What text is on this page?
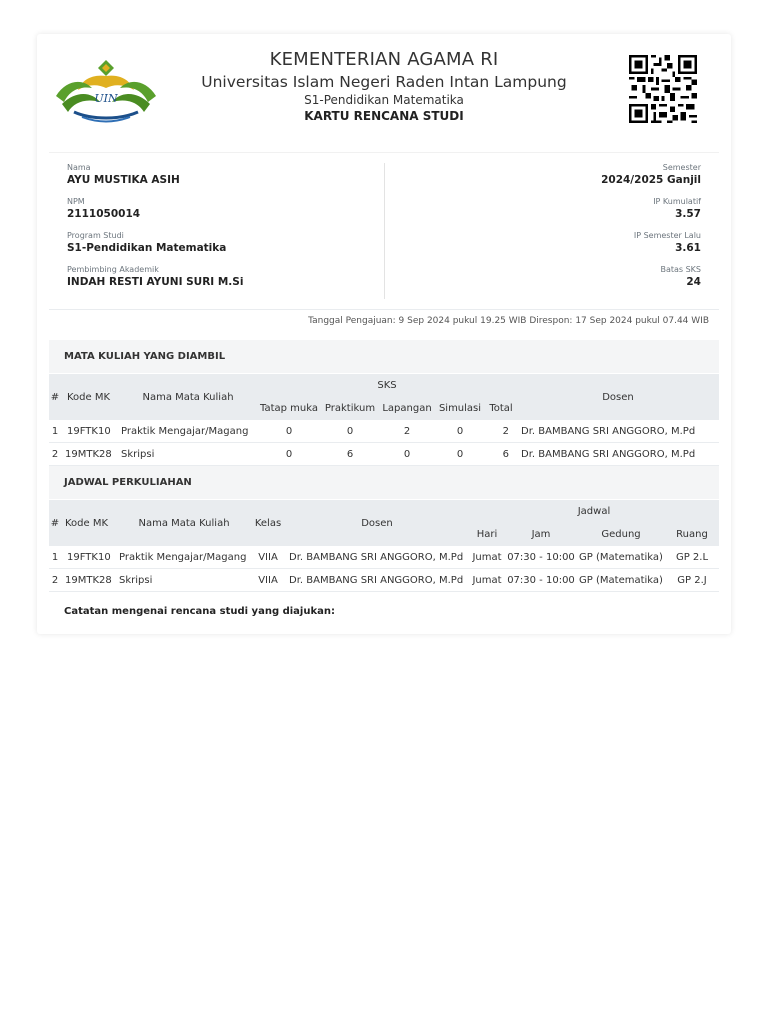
UIN
KEMENTERIAN AGAMA RI
Universitas Islam Negeri Raden Intan Lampung
S1-Pendidikan Matematika
KARTU RENCANA STUDI
Nama
AYU MUSTIKA ASIH
NPM
2111050014
Program Studi
S1-Pendidikan Matematika
Pembimbing Akademik
INDAH RESTI AYUNI SURI M.Si
Semester
2024/2025 Ganjil
IP Kumulatif
3.57
IP Semester Lalu
3.61
Batas SKS
24
Tanggal Pengajuan: 9 Sep 2024 pukul 19.25 WIB Direspon: 17 Sep 2024 pukul 07.44 WIB
MATA KULIAH YANG DIAMBIL
#	Kode MK	Nama Mata Kuliah	SKS					Dosen
			Tatap muka	Praktikum	Lapangan	Simulasi	Total	
1	19FTK10	Praktik Mengajar/Magang	0	0	2	0	2	Dr. BAMBANG SRI ANGGORO, M.Pd
2	19MTK28	Skripsi	0	6	0	0	6	Dr. BAMBANG SRI ANGGORO, M.Pd
JADWAL PERKULIAHAN
#	Kode MK	Nama Mata Kuliah	Kelas	Dosen	Jadwal			
					Hari	Jam	Gedung	Ruang
1	19FTK10	Praktik Mengajar/Magang	VIIA	Dr. BAMBANG SRI ANGGORO, M.Pd	Jumat	07:30 - 10:00	GP (Matematika)	GP 2.L
2	19MTK28	Skripsi	VIIA	Dr. BAMBANG SRI ANGGORO, M.Pd	Jumat	07:30 - 10:00	GP (Matematika)	GP 2.J
Catatan mengenai rencana studi yang diajukan:
